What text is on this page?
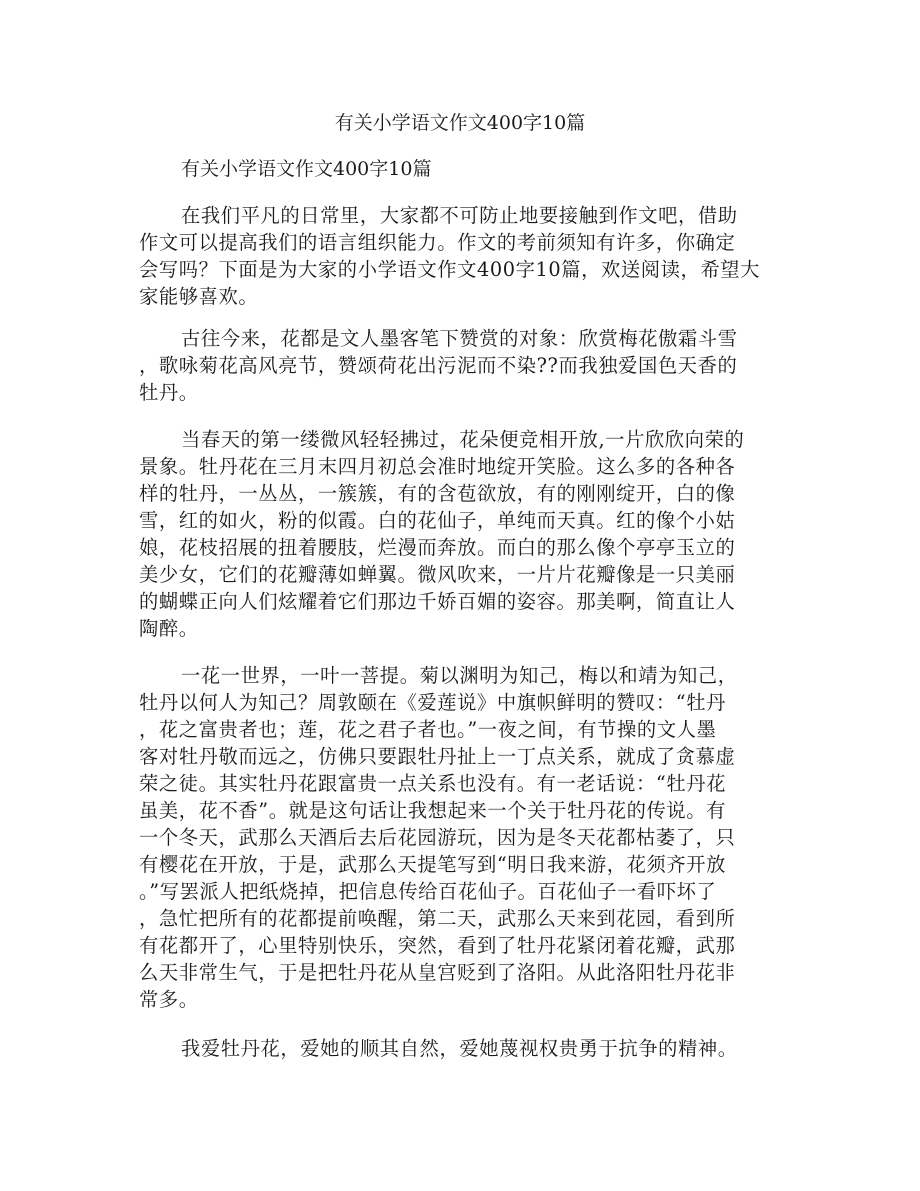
有关小学语文作文400字10篇
有关小学语文作文400字10篇
在我们平凡的日常里，大家都不可防止地要接触到作文吧，借助
作文可以提高我们的语言组织能力。作文的考前须知有许多，你确定
会写吗？下面是为大家的小学语文作文400字10篇，欢送阅读，希望大
家能够喜欢。
古往今来，花都是文人墨客笔下赞赏的对象：欣赏梅花傲霜斗雪
，歌咏菊花高风亮节，赞颂荷花出污泥而不染??而我独爱国色天香的
牡丹。
当春天的第一缕微风轻轻拂过，花朵便竞相开放,一片欣欣向荣的
景象。牡丹花在三月末四月初总会准时地绽开笑脸。这么多的各种各
样的牡丹，一丛丛，一簇簇，有的含苞欲放，有的刚刚绽开，白的像
雪，红的如火，粉的似霞。白的花仙子，单纯而天真。红的像个小姑
娘，花枝招展的扭着腰肢，烂漫而奔放。而白的那么像个亭亭玉立的
美少女，它们的花瓣薄如蝉翼。微风吹来，一片片花瓣像是一只美丽
的蝴蝶正向人们炫耀着它们那边千娇百媚的姿容。那美啊，简直让人
陶醉。
一花一世界，一叶一菩提。菊以渊明为知己，梅以和靖为知己，
牡丹以何人为知己？周敦颐在《爱莲说》中旗帜鲜明的赞叹：“牡丹
，花之富贵者也；莲，花之君子者也。”一夜之间，有节操的文人墨
客对牡丹敬而远之，仿佛只要跟牡丹扯上一丁点关系，就成了贪慕虚
荣之徒。其实牡丹花跟富贵一点关系也没有。有一老话说：“牡丹花
虽美，花不香”。就是这句话让我想起来一个关于牡丹花的传说。有
一个冬天，武那么天酒后去后花园游玩，因为是冬天花都枯萎了，只
有樱花在开放，于是，武那么天提笔写到“明日我来游，花须齐开放
。”写罢派人把纸烧掉，把信息传给百花仙子。百花仙子一看吓坏了
，急忙把所有的花都提前唤醒，第二天，武那么天来到花园，看到所
有花都开了，心里特别快乐，突然，看到了牡丹花紧闭着花瓣，武那
么天非常生气，于是把牡丹花从皇宫贬到了洛阳。从此洛阳牡丹花非
常多。
我爱牡丹花，爱她的顺其自然，爱她蔑视权贵勇于抗争的精神。
